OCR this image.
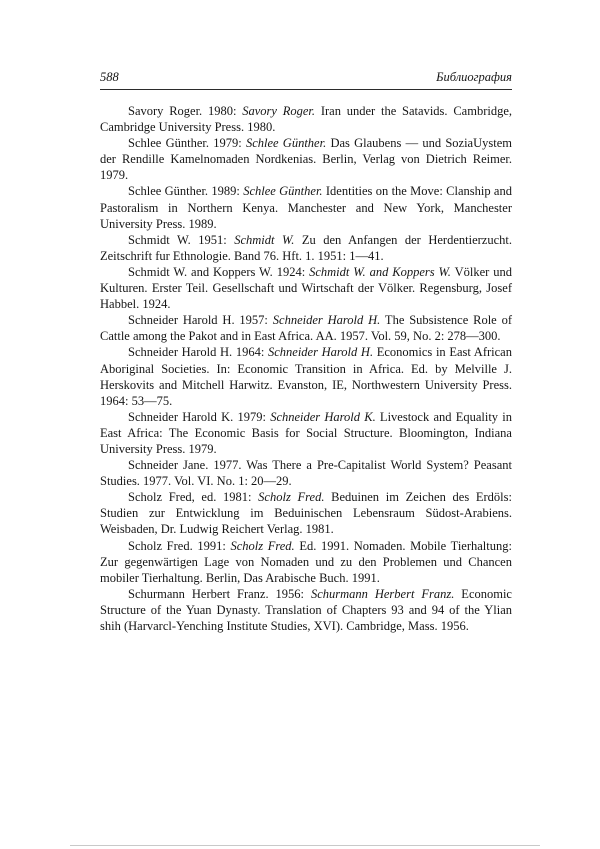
588	Библиография

Savory Roger. 1980: Savory Roger. Iran under the Satavids. Cambridge, Cambridge University Press. 1980.

Schlee Günther. 1979: Schlee Günther. Das Glaubens — und SoziaUystem der Rendille Kamelnomaden Nordkenias. Berlin, Verlag von Dietrich Reimer. 1979.

Schlee Günther. 1989: Schlee Günther. Identities on the Move: Clanship and Pastoralism in Northern Kenya. Manchester and New York, Manchester University Press. 1989.

Schmidt W. 1951: Schmidt W. Zu den Anfangen der Herdentierzucht. Zeitschrift fur Ethnologie. Band 76. Hft. 1. 1951: 1—41.

Schmidt W. and Koppers W. 1924: Schmidt W. and Koppers W. Völker und Kulturen. Erster Teil. Gesellschaft und Wirtschaft der Völker. Regensburg, Josef Habbel. 1924.

Schneider Harold H. 1957: Schneider Harold H. The Subsistence Role of Cattle among the Pakot and in East Africa. AA. 1957. Vol. 59, No. 2: 278—300.

Schneider Harold H. 1964: Schneider Harold H. Economics in East African Aboriginal Societies. In: Economic Transition in Africa. Ed. by Melville J. Herskovits and Mitchell Harwitz. Evanston, IE, Northwestern University Press. 1964: 53—75.

Schneider Harold K. 1979: Schneider Harold K. Livestock and Equality in East Africa: The Economic Basis for Social Structure. Bloomington, Indiana University Press. 1979.

Schneider Jane. 1977. Was There a Pre-Capitalist World System? Peasant Studies. 1977. Vol. VI. No. 1: 20—29.

Scholz Fred, ed. 1981: Scholz Fred. Beduinen im Zeichen des Erdöls: Studien zur Entwicklung im Beduinischen Lebensraum Südost-Arabiens. Weisbaden, Dr. Ludwig Reichert Verlag. 1981.

Scholz Fred. 1991: Scholz Fred. Ed. 1991. Nomaden. Mobile Tierhaltung: Zur gegenwärtigen Lage von Nomaden und zu den Problemen und Chancen mobiler Tierhaltung. Berlin, Das Arabische Buch. 1991.

Schurmann Herbert Franz. 1956: Schurmann Herbert Franz. Economic Structure of the Yuan Dynasty. Translation of Chapters 93 and 94 of the Ylian shih (Harvarcl-Yenching Institute Studies, XVI). Cambridge, Mass. 1956.
